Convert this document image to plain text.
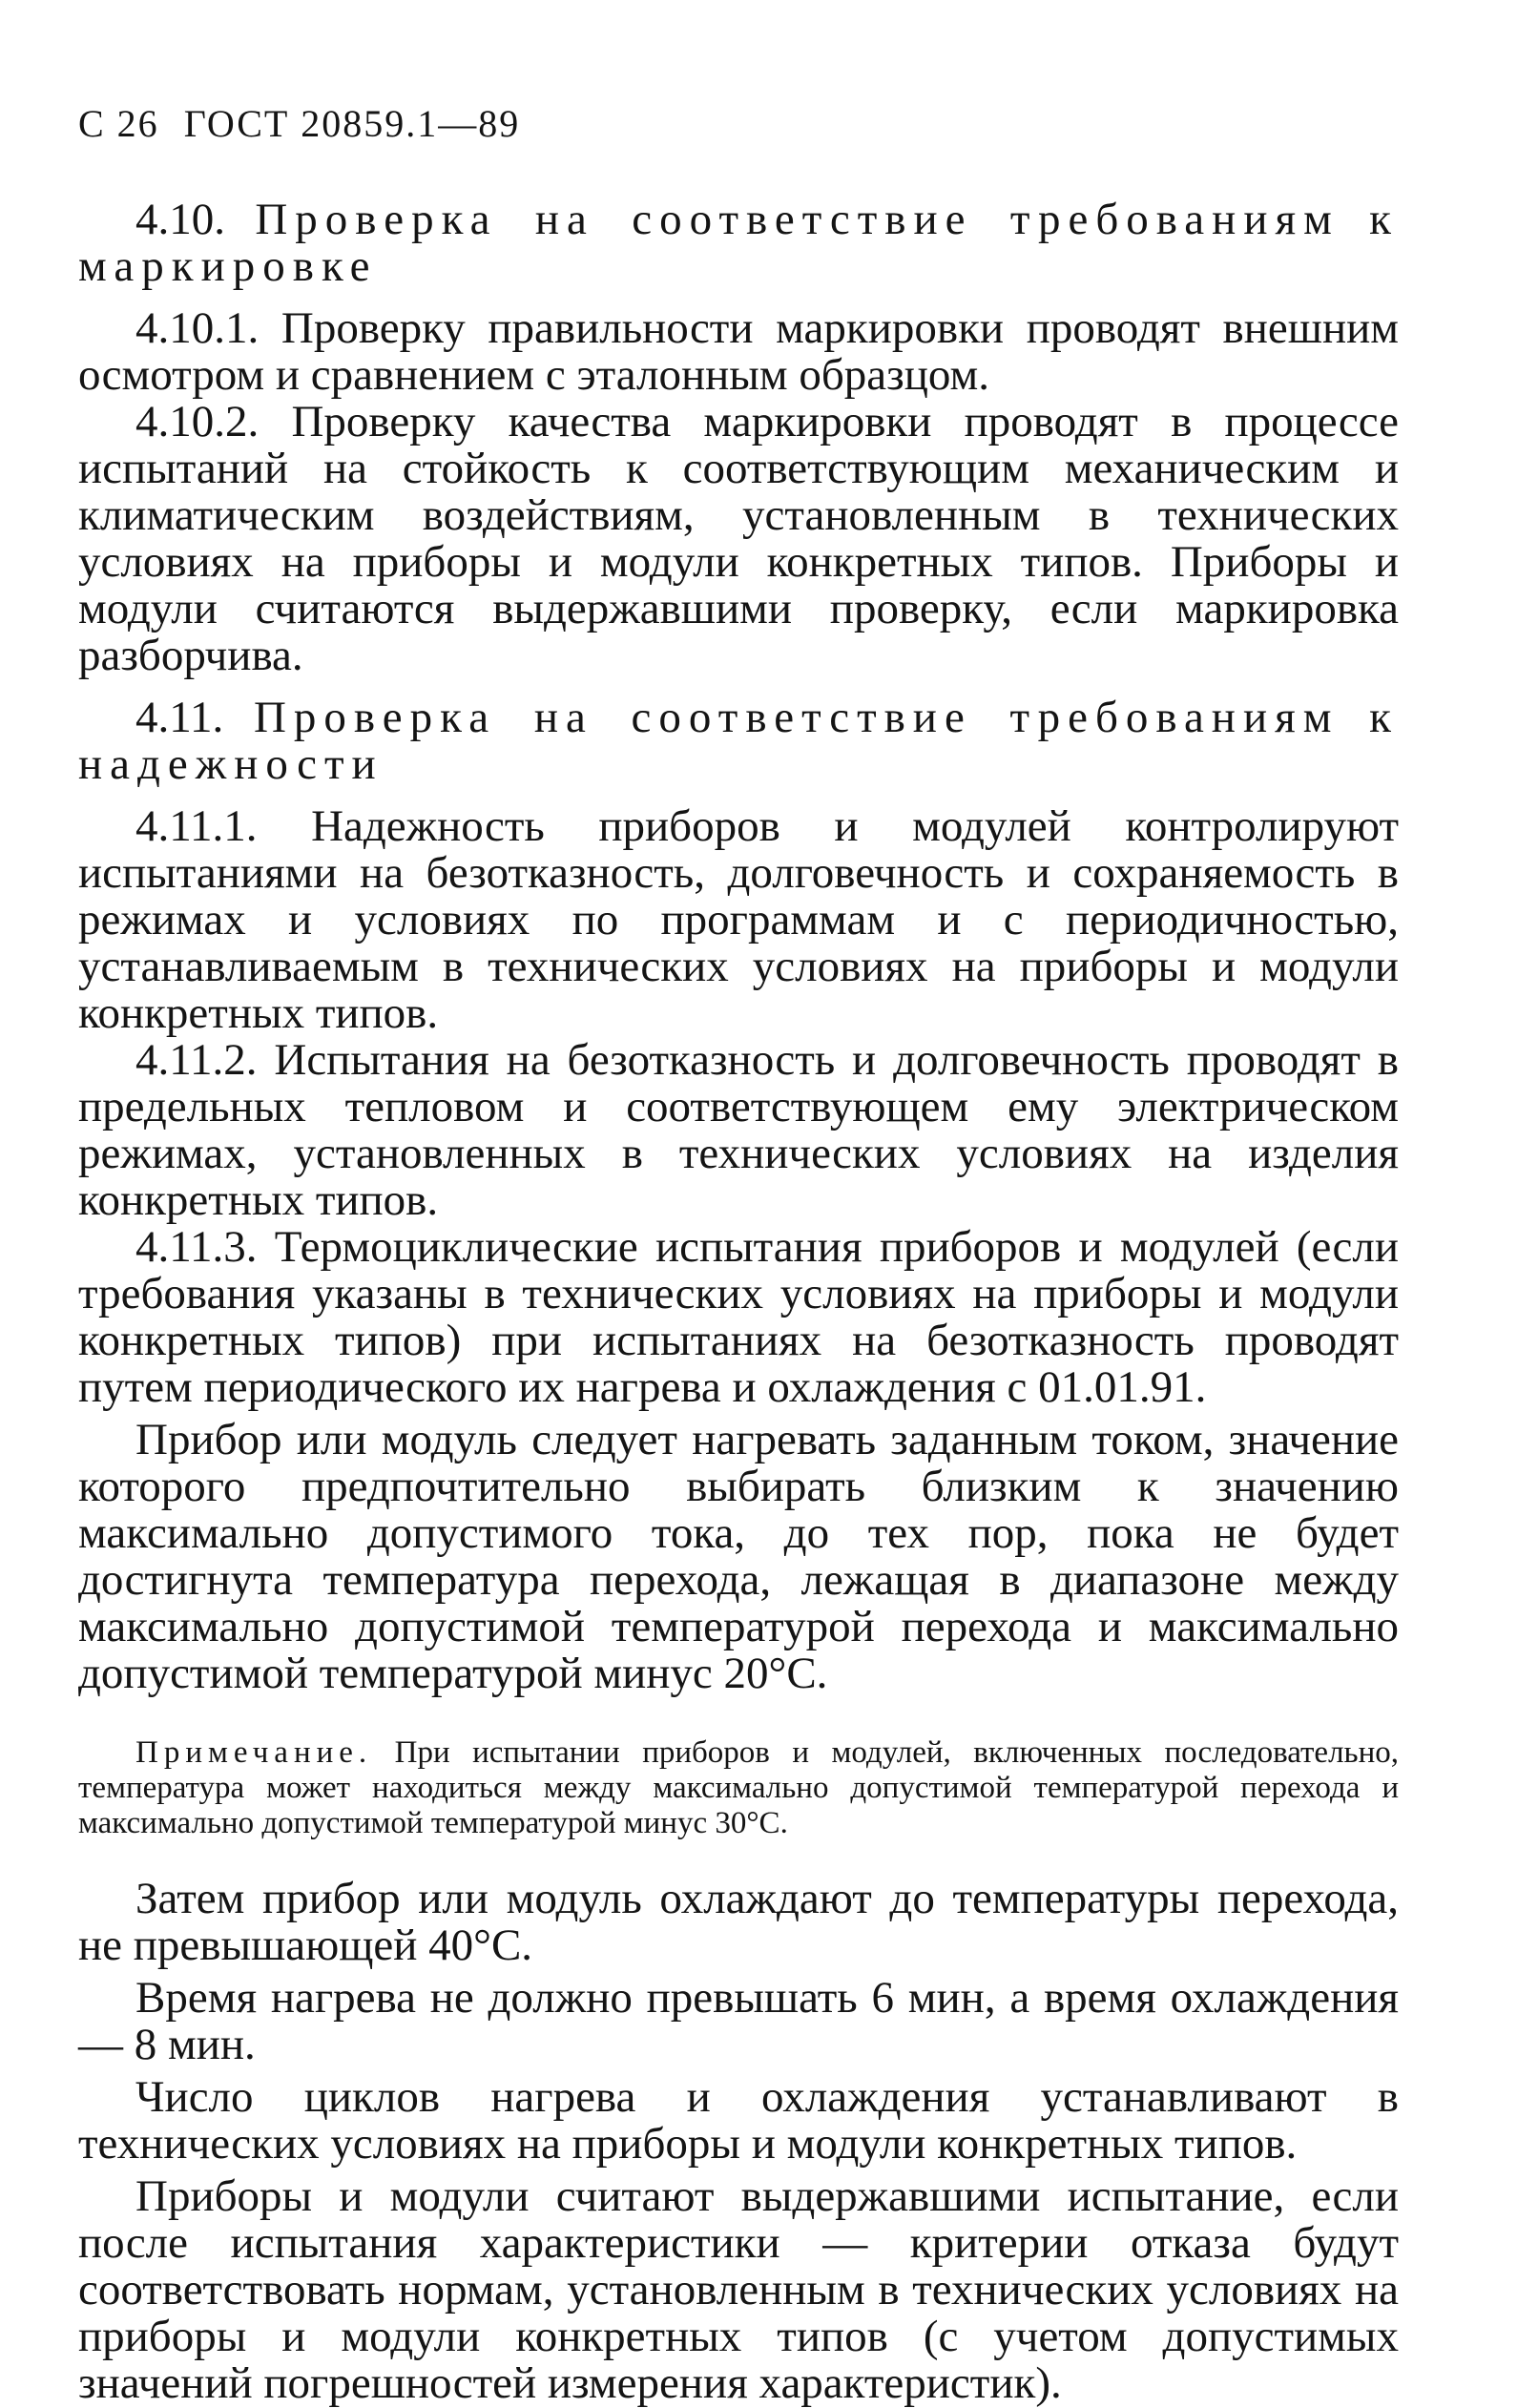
С 26 ГОСТ 20859.1—89

4.10. Проверка на соответствие требованиям к маркировке

4.10.1. Проверку правильности маркировки проводят внешним осмотром и сравнением с эталонным образцом.

4.10.2. Проверку качества маркировки проводят в процессе испытаний на стойкость к соответствующим механическим и климатическим воздействиям, установленным в технических условиях на приборы и модули конкретных типов. Приборы и модули считаются выдержавшими проверку, если маркировка разборчива.

4.11. Проверка на соответствие требованиям к надежности

4.11.1. Надежность приборов и модулей контролируют испытаниями на безотказность, долговечность и сохраняемость в режимах и условиях по программам и с периодичностью, устанавливаемым в технических условиях на приборы и модули конкретных типов.

4.11.2. Испытания на безотказность и долговечность проводят в предельных тепловом и соответствующем ему электрическом режимах, установленных в технических условиях на изделия конкретных типов.

4.11.3. Термоциклические испытания приборов и модулей (если требования указаны в технических условиях на приборы и модули конкретных типов) при испытаниях на безотказность проводят путем периодического их нагрева и охлаждения с 01.01.91.

Прибор или модуль следует нагревать заданным током, значение которого предпочтительно выбирать близким к значению максимально допустимого тока, до тех пор, пока не будет достигнута температура перехода, лежащая в диапазоне между максимально допустимой температурой перехода и максимально допустимой температурой минус 20°С.

Примечание. При испытании приборов и модулей, включенных последовательно, температура может находиться между максимально допустимой температурой перехода и максимально допустимой температурой минус 30°С.

Затем прибор или модуль охлаждают до температуры перехода, не превышающей 40°С.

Время нагрева не должно превышать 6 мин, а время охлаждения — 8 мин.

Число циклов нагрева и охлаждения устанавливают в технических условиях на приборы и модули конкретных типов.

Приборы и модули считают выдержавшими испытание, если после испытания характеристики — критерии отказа будут соответствовать нормам, установленным в технических условиях на приборы и модули конкретных типов (с учетом допустимых значений погрешностей измерения характеристик).
